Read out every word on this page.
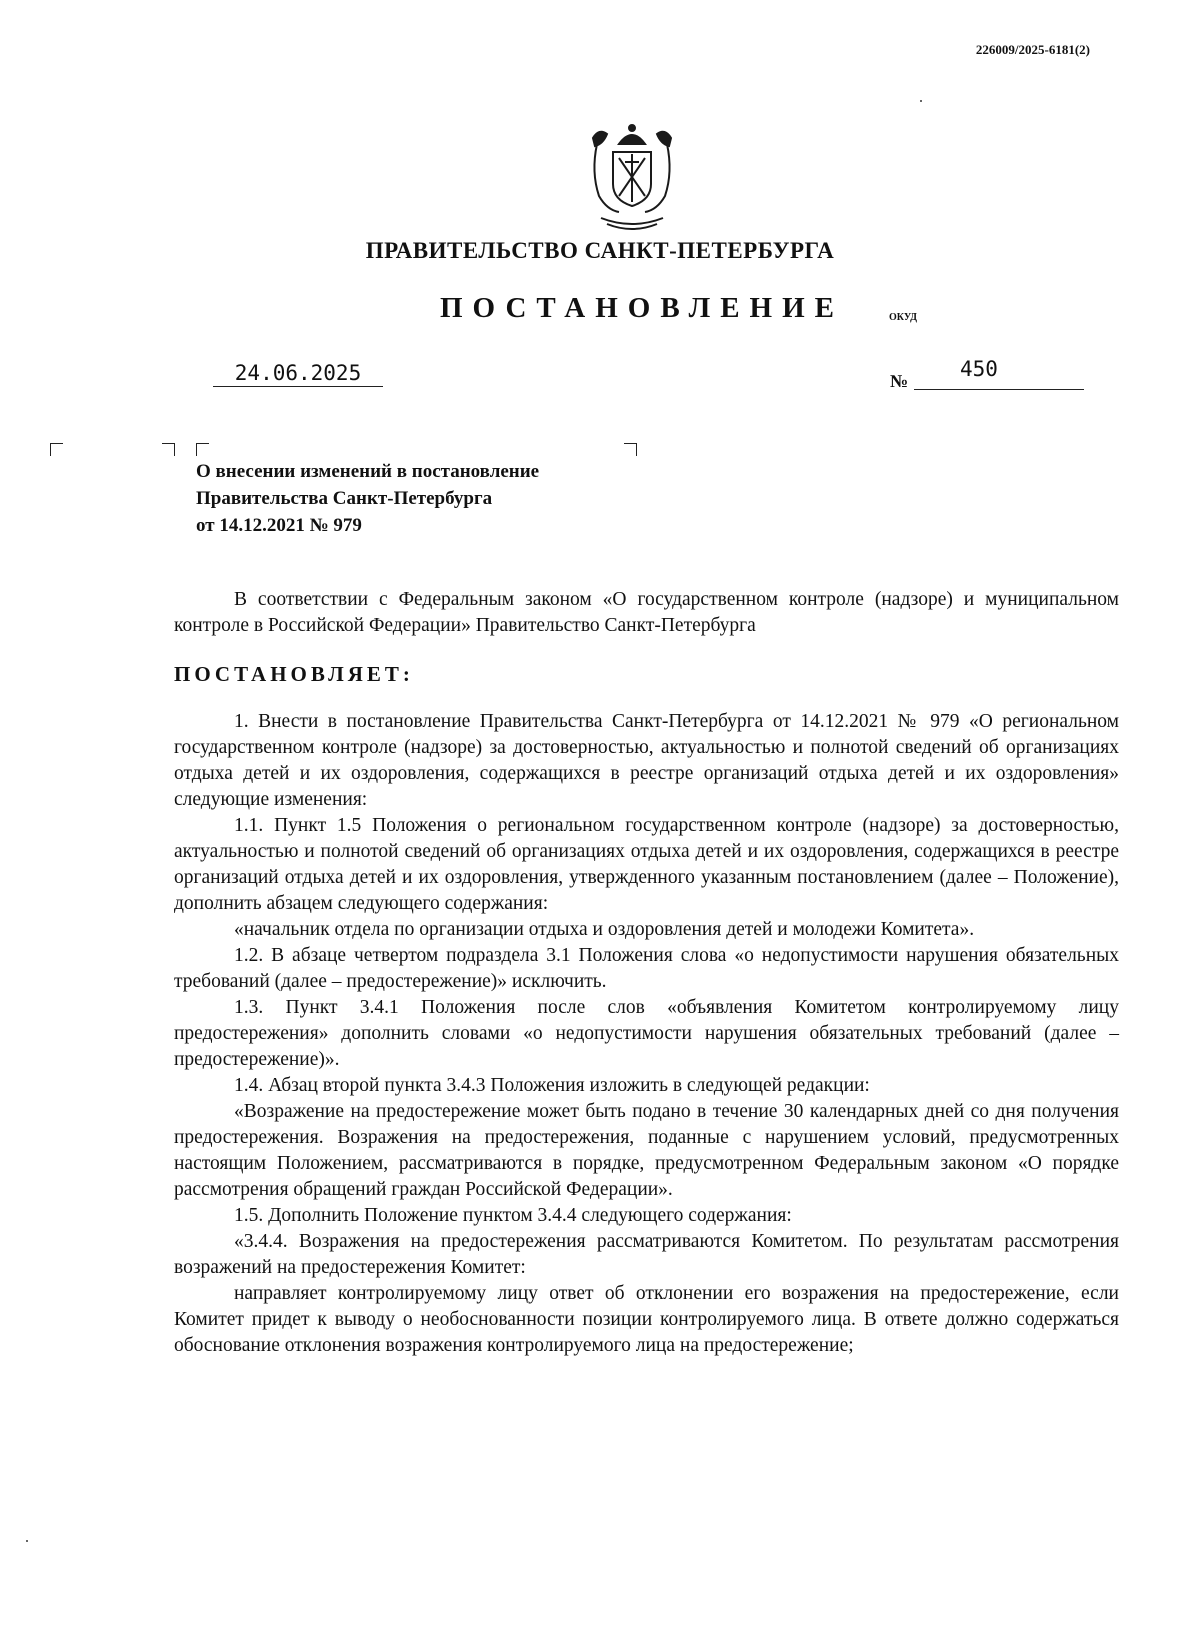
226009/2025-6181(2)
ПРАВИТЕЛЬСТВО САНКТ-ПЕТЕРБУРГА
ПОСТАНОВЛЕНИЕ	ОКУД
24.06.2025	№ 450
О внесении изменений в постановление
Правительства Санкт-Петербурга
от 14.12.2021 № 979

В соответствии с Федеральным законом «О государственном контроле (надзоре) и муниципальном контроле в Российской Федерации» Правительство Санкт-Петербурга

ПОСТАНОВЛЯЕТ:

1. Внести в постановление Правительства Санкт-Петербурга от 14.12.2021 № 979 «О региональном государственном контроле (надзоре) за достоверностью, актуальностью и полнотой сведений об организациях отдыха детей и их оздоровления, содержащихся в реестре организаций отдыха детей и их оздоровления» следующие изменения:

1.1. Пункт 1.5 Положения о региональном государственном контроле (надзоре) за достоверностью, актуальностью и полнотой сведений об организациях отдыха детей и их оздоровления, содержащихся в реестре организаций отдыха детей и их оздоровления, утвержденного указанным постановлением (далее – Положение), дополнить абзацем следующего содержания:

«начальник отдела по организации отдыха и оздоровления детей и молодежи Комитета».

1.2. В абзаце четвертом подраздела 3.1 Положения слова «о недопустимости нарушения обязательных требований (далее – предостережение)» исключить.

1.3. Пункт 3.4.1 Положения после слов «объявления Комитетом контролируемому лицу предостережения» дополнить словами «о недопустимости нарушения обязательных требований (далее – предостережение)».

1.4. Абзац второй пункта 3.4.3 Положения изложить в следующей редакции:

«Возражение на предостережение может быть подано в течение 30 календарных дней со дня получения предостережения. Возражения на предостережения, поданные с нарушением условий, предусмотренных настоящим Положением, рассматриваются в порядке, предусмотренном Федеральным законом «О порядке рассмотрения обращений граждан Российской Федерации».

1.5. Дополнить Положение пунктом 3.4.4 следующего содержания:

«3.4.4. Возражения на предостережения рассматриваются Комитетом. По результатам рассмотрения возражений на предостережения Комитет:

направляет контролируемому лицу ответ об отклонении его возражения на предостережение, если Комитет придет к выводу о необоснованности позиции контролируемого лица. В ответе должно содержаться обоснование отклонения возражения контролируемого лица на предостережение;
